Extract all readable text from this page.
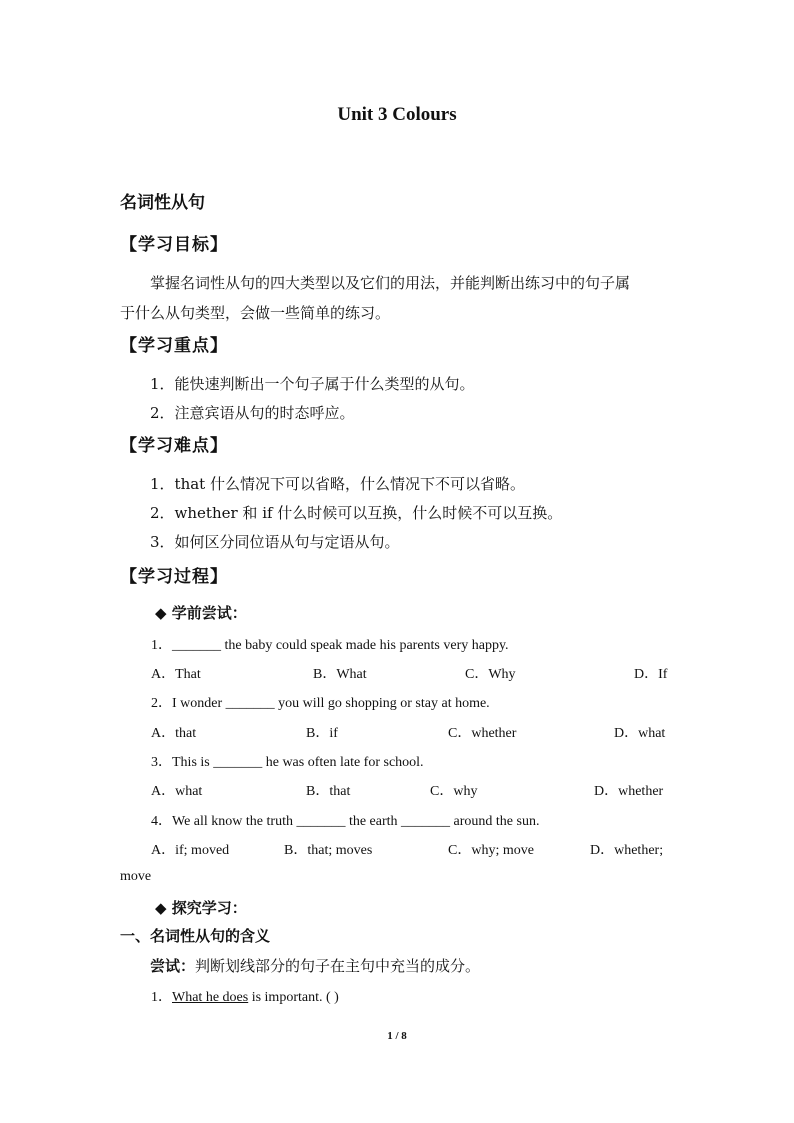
Unit 3 Colours
名词性从句
【学习目标】
掌握名词性从句的四大类型以及它们的用法，并能判断出练习中的句子属
于什么从句类型，会做一些简单的练习。
【学习重点】
1．能快速判断出一个句子属于什么类型的从句。
2．注意宾语从句的时态呼应。
【学习难点】
1．that 什么情况下可以省略，什么情况下不可以省略。
2．whether 和 if 什么时候可以互换，什么时候不可以互换。
3．如何区分同位语从句与定语从句。
【学习过程】
◆ 学前尝试：
1．_______ the baby could speak made his parents very happy.
A．That	B．What	C．Why	D．If
2．I wonder _______ you will go shopping or stay at home.
A．that	B．if	C．whether	D．what
3．This is _______ he was often late for school.
A．what	B．that	C．why	D．whether
4．We all know the truth _______ the earth _______ around the sun.
A．if; moved	B．that; moves	C．why; move	D．whether;
move
◆ 探究学习：
一、名词性从句的含义
尝试：判断划线部分的句子在主句中充当的成分。
1．What he does is important. ( )
1 / 8
